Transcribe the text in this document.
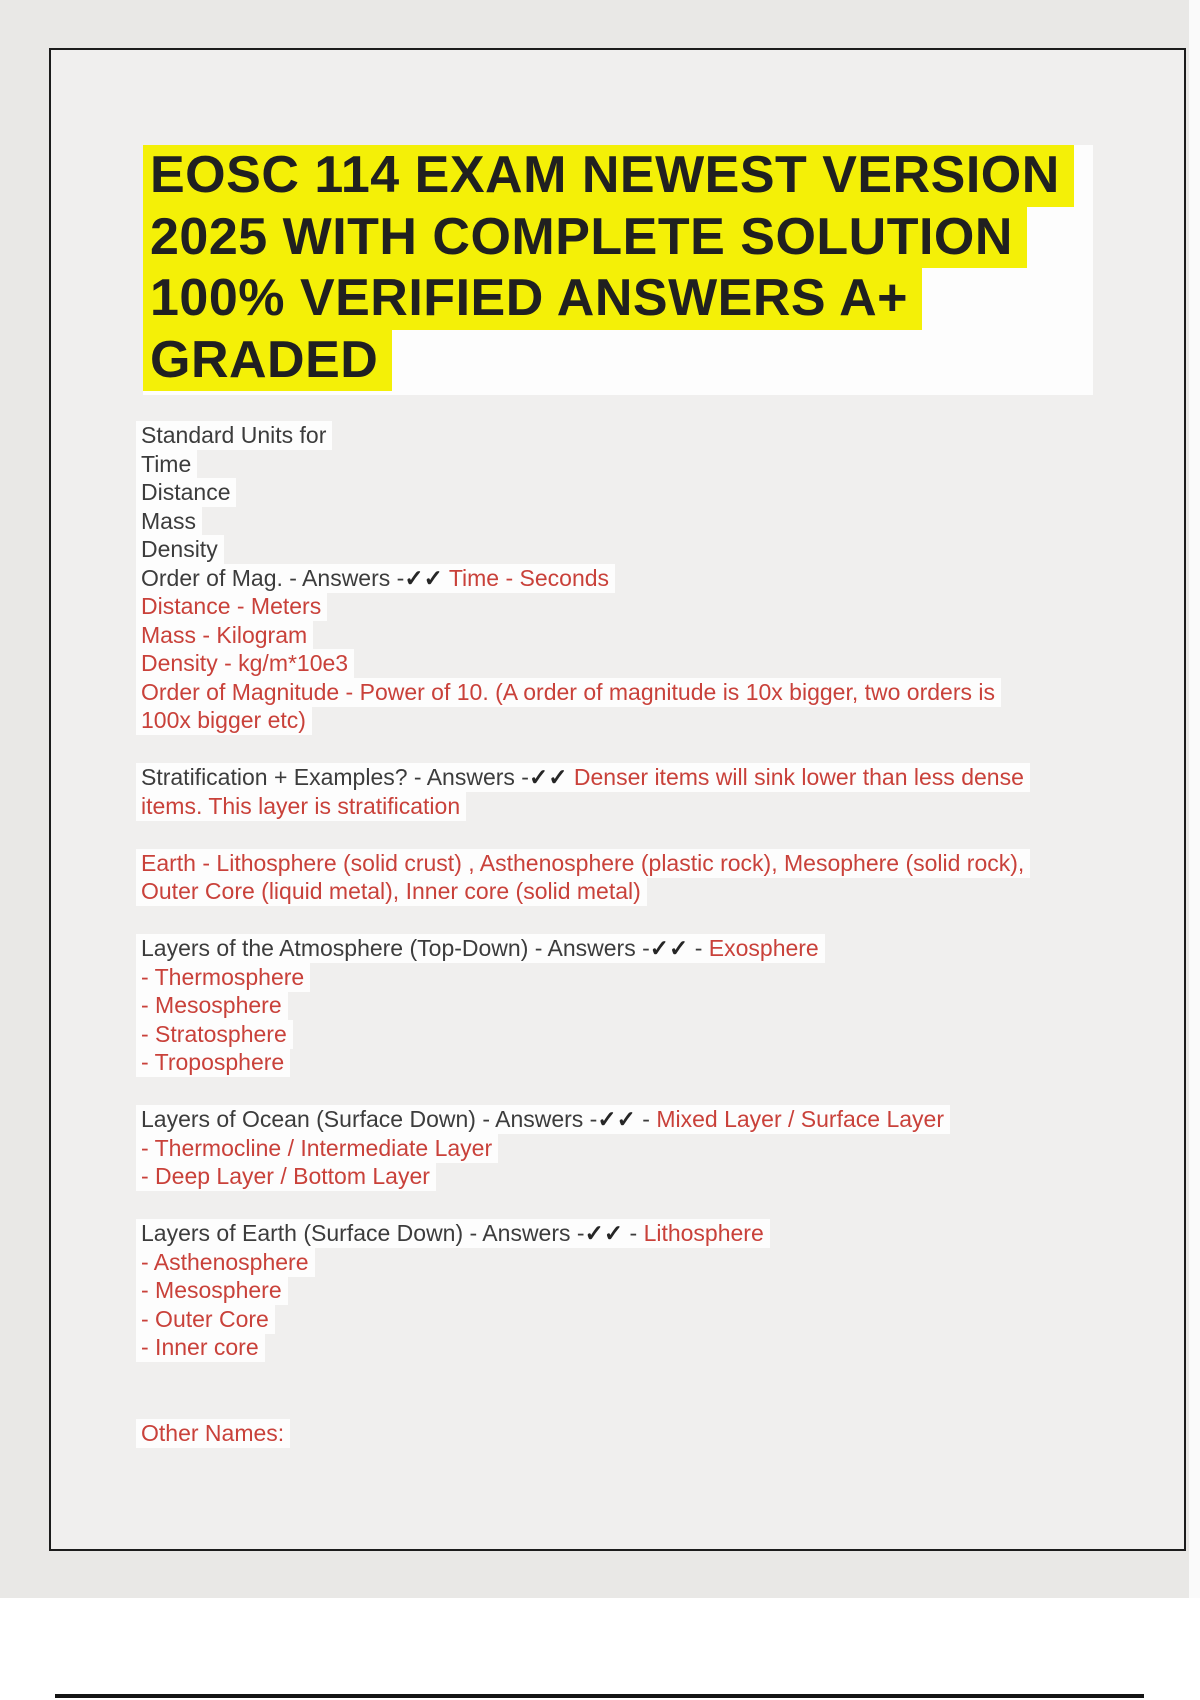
EOSC 114 EXAM NEWEST VERSION
2025 WITH COMPLETE SOLUTION
100% VERIFIED ANSWERS A+
GRADED
Standard Units for
Time
Distance
Mass
Density
Order of Mag. - Answers -✓✓ Time - Seconds
Distance - Meters
Mass - Kilogram
Density - kg/m*10e3
Order of Magnitude - Power of 10. (A order of magnitude is 10x bigger, two orders is
100x bigger etc)

Stratification + Examples? - Answers -✓✓ Denser items will sink lower than less dense
items. This layer is stratification

Earth - Lithosphere (solid crust) , Asthenosphere (plastic rock), Mesophere (solid rock),
Outer Core (liquid metal), Inner core (solid metal)

Layers of the Atmosphere (Top-Down) - Answers -✓✓ - Exosphere
- Thermosphere
- Mesosphere
- Stratosphere
- Troposphere

Layers of Ocean (Surface Down) - Answers -✓✓ - Mixed Layer / Surface Layer
- Thermocline / Intermediate Layer
- Deep Layer / Bottom Layer

Layers of Earth (Surface Down) - Answers -✓✓ - Lithosphere
- Asthenosphere
- Mesosphere
- Outer Core
- Inner core

Other Names:
